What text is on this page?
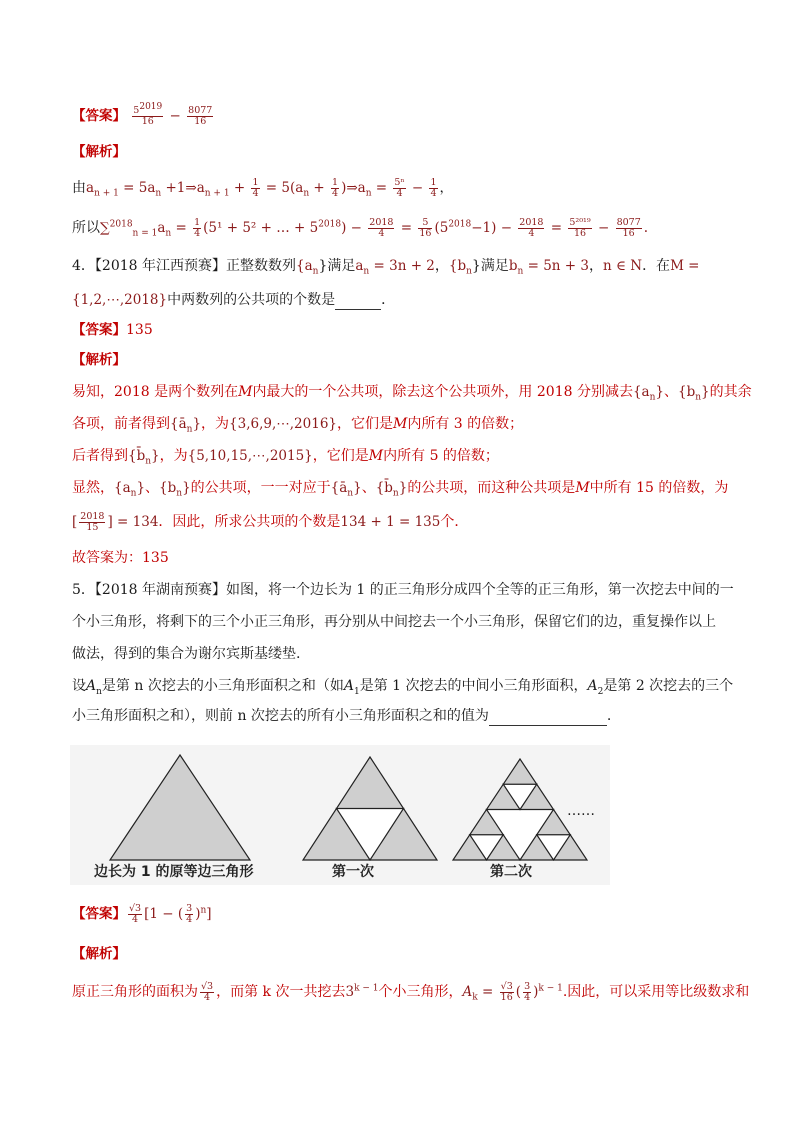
【答案】 $\frac{5^{2019}}{16} - \frac{8077}{16}$
【解析】
由$a_{n + 1} = 5a_n$ $+1\Rightarrow a_{n + 1} + \frac{1}{4} = 5(a_n + \frac{1}{4}$ )$\Rightarrow a_n = \frac{\text{5ⁿ}}{4} - \frac{1}{4}$ ，
所以$\sum^{2018}_{n = 1}a_n = \frac{1}{4} (5^1 + 5^2$ + … + $5^{2018}) - \frac{2018}{4} = \frac{5}{16} (5^{2018}-1) - \frac{2018}{4} = \frac{\text{5²⁰¹⁹}}{16} - \frac{8077}{16}$ .
4．【2018 年江西预赛】正整数数列$\{a_n\}$满足$a_n = 3n + 2$，$\{b_n\}$满足$b_n = 5n + 3$，n ∈ N．在M =
{1,2,⋯,2018}中两数列的公共项的个数是	．
【答案】135
【解析】
易知，2018 是两个数列在M内最大的一个公共项，除去这个公共项外，用 2018 分别减去$\{a_n\}$、$\{b_n\}$的其余
各项，前者得到$\{ā_n\}$，为{3,6,9,⋯,2016}，它们是M内所有 3 的倍数；
后者得到$\{b̄_n\}$，为{5,10,15,⋯,2015}，它们是M内所有 5 的倍数；
显然，$\{a_n\}$、$\{b_n\}$的公共项，一一对应于$\{ā_n\}$、$\{b̄_n\}$的公共项，而这种公共项是M中所有 15 的倍数，为
[ $\frac{2018}{15}$ ] = 134．因此，所求公共项的个数是134 + 1 = 135个．
故答案为：135
5．【2018 年湖南预赛】如图，将一个边长为 1 的正三角形分成四个全等的正三角形，第一次挖去中间的一
个小三角形，将剩下的三个小正三角形，再分别从中间挖去一个小三角形，保留它们的边，重复操作以上
做法，得到的集合为谢尔宾斯基缕垫.
设$A_n$是第 n 次挖去的小三角形面积之和（如$A_1$是第 1 次挖去的中间小三角形面积，$A_2$是第 2 次挖去的三个
小三角形面积之和），则前 n 次挖去的所有小三角形面积之和的值为	.
……
边长为 1 的原等边三角形	第一次	第二次
【答案】 $\frac{√3}{4} [1$ − ( $\frac{3}{4} )^n$]
【解析】
原正三角形的面积为 $\frac{√3}{4}$ ，而第 k 次一共挖去$3^{k - 1}$个小三角形，$A_k = \frac{√3}{16}$ ( $\frac{3}{4} )^{k - 1}$.因此，可以采用等比级数求和
